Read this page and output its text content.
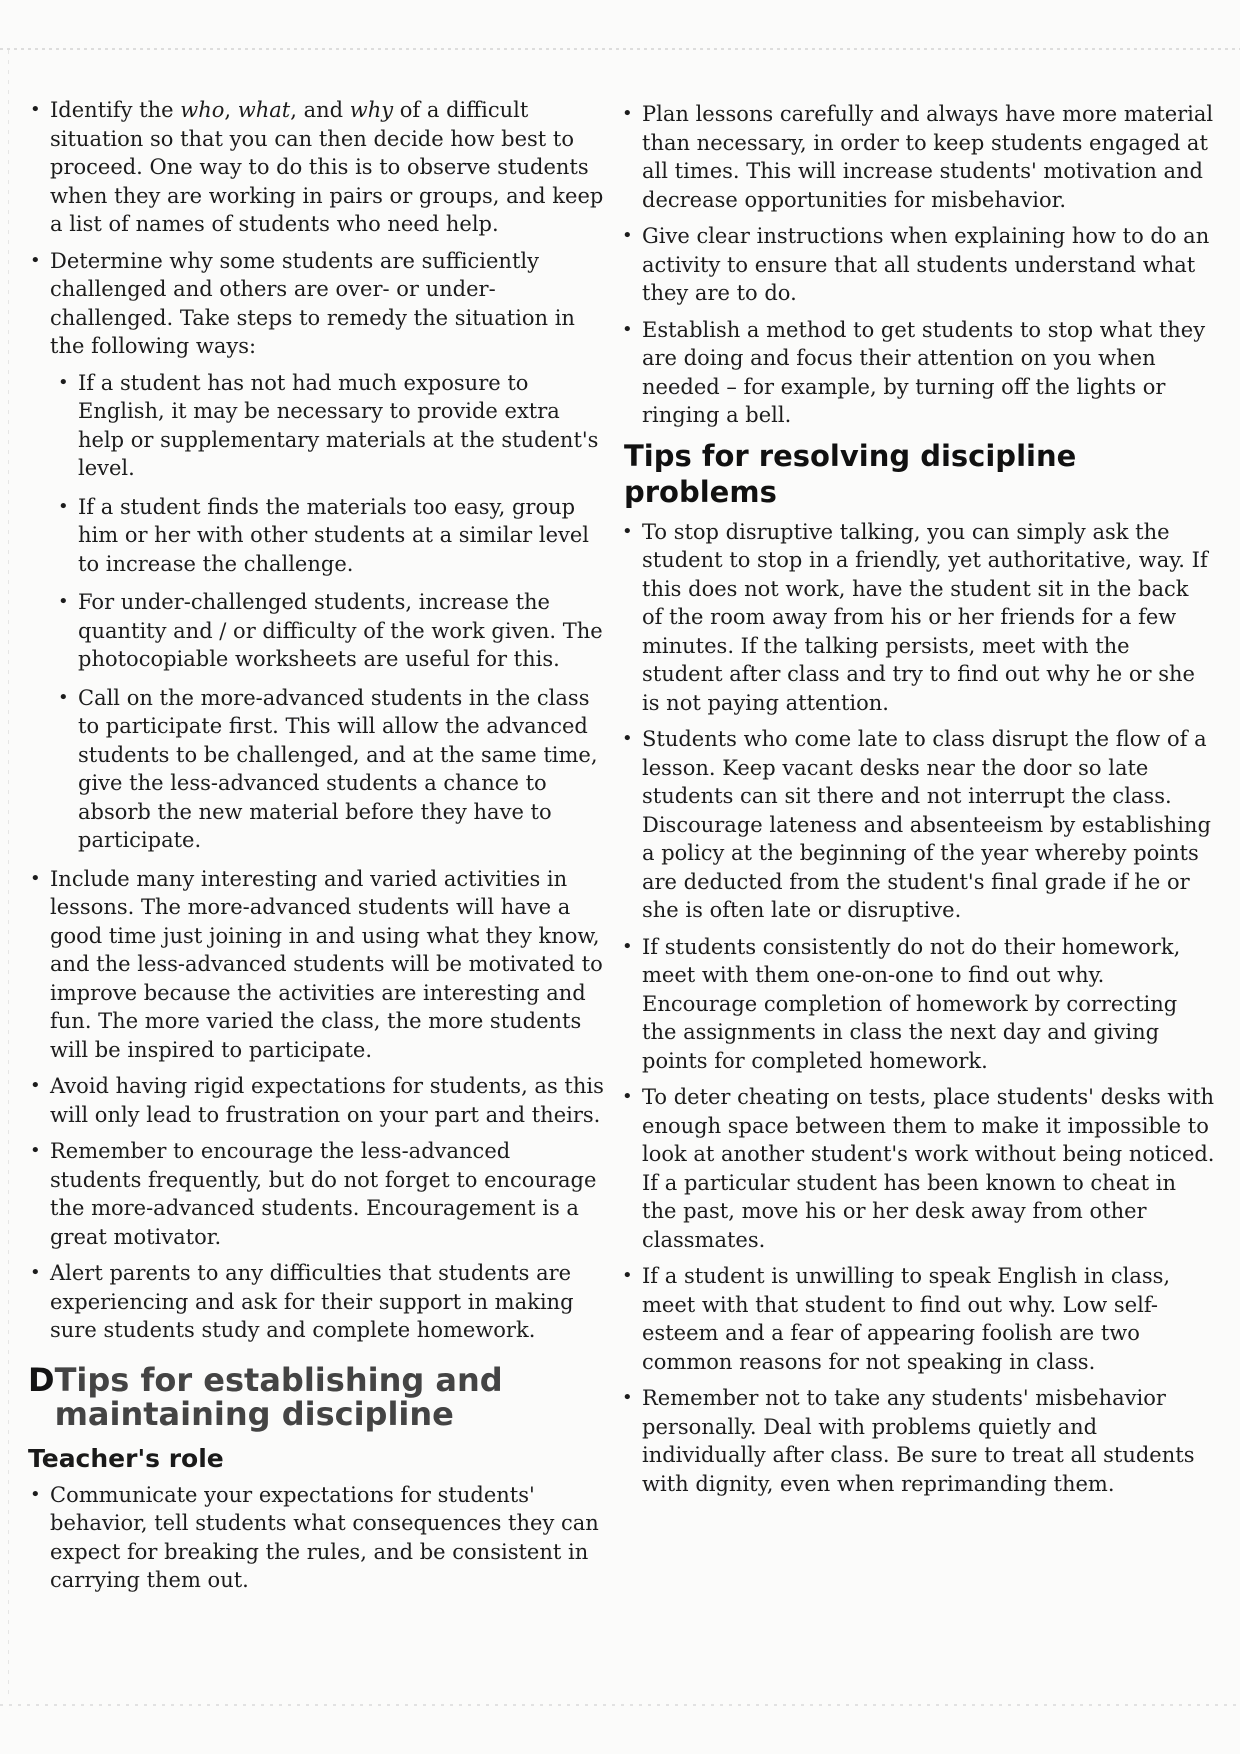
• Identify the who, what, and why of a difficult situation so that you can then decide how best to proceed. One way to do this is to observe students when they are working in pairs or groups, and keep a list of names of students who need help.
• Determine why some students are sufficiently challenged and others are over- or under-challenged. Take steps to remedy the situation in the following ways:
• If a student has not had much exposure to English, it may be necessary to provide extra help or supplementary materials at the student's level.
• If a student finds the materials too easy, group him or her with other students at a similar level to increase the challenge.
• For under-challenged students, increase the quantity and / or difficulty of the work given. The photocopiable worksheets are useful for this.
• Call on the more-advanced students in the class to participate first. This will allow the advanced students to be challenged, and at the same time, give the less-advanced students a chance to absorb the new material before they have to participate.
• Include many interesting and varied activities in lessons. The more-advanced students will have a good time just joining in and using what they know, and the less-advanced students will be motivated to improve because the activities are interesting and fun. The more varied the class, the more students will be inspired to participate.
• Avoid having rigid expectations for students, as this will only lead to frustration on your part and theirs.
• Remember to encourage the less-advanced students frequently, but do not forget to encourage the more-advanced students. Encouragement is a great motivator.
• Alert parents to any difficulties that students are experiencing and ask for their support in making sure students study and complete homework.
D Tips for establishing and maintaining discipline
Teacher's role
• Communicate your expectations for students' behavior, tell students what consequences they can expect for breaking the rules, and be consistent in carrying them out.
• Plan lessons carefully and always have more material than necessary, in order to keep students engaged at all times. This will increase students' motivation and decrease opportunities for misbehavior.
• Give clear instructions when explaining how to do an activity to ensure that all students understand what they are to do.
• Establish a method to get students to stop what they are doing and focus their attention on you when needed – for example, by turning off the lights or ringing a bell.
Tips for resolving discipline problems
• To stop disruptive talking, you can simply ask the student to stop in a friendly, yet authoritative, way. If this does not work, have the student sit in the back of the room away from his or her friends for a few minutes. If the talking persists, meet with the student after class and try to find out why he or she is not paying attention.
• Students who come late to class disrupt the flow of a lesson. Keep vacant desks near the door so late students can sit there and not interrupt the class. Discourage lateness and absenteeism by establishing a policy at the beginning of the year whereby points are deducted from the student's final grade if he or she is often late or disruptive.
• If students consistently do not do their homework, meet with them one-on-one to find out why. Encourage completion of homework by correcting the assignments in class the next day and giving points for completed homework.
• To deter cheating on tests, place students' desks with enough space between them to make it impossible to look at another student's work without being noticed. If a particular student has been known to cheat in the past, move his or her desk away from other classmates.
• If a student is unwilling to speak English in class, meet with that student to find out why. Low self-esteem and a fear of appearing foolish are two common reasons for not speaking in class.
• Remember not to take any students' misbehavior personally. Deal with problems quietly and individually after class. Be sure to treat all students with dignity, even when reprimanding them.
